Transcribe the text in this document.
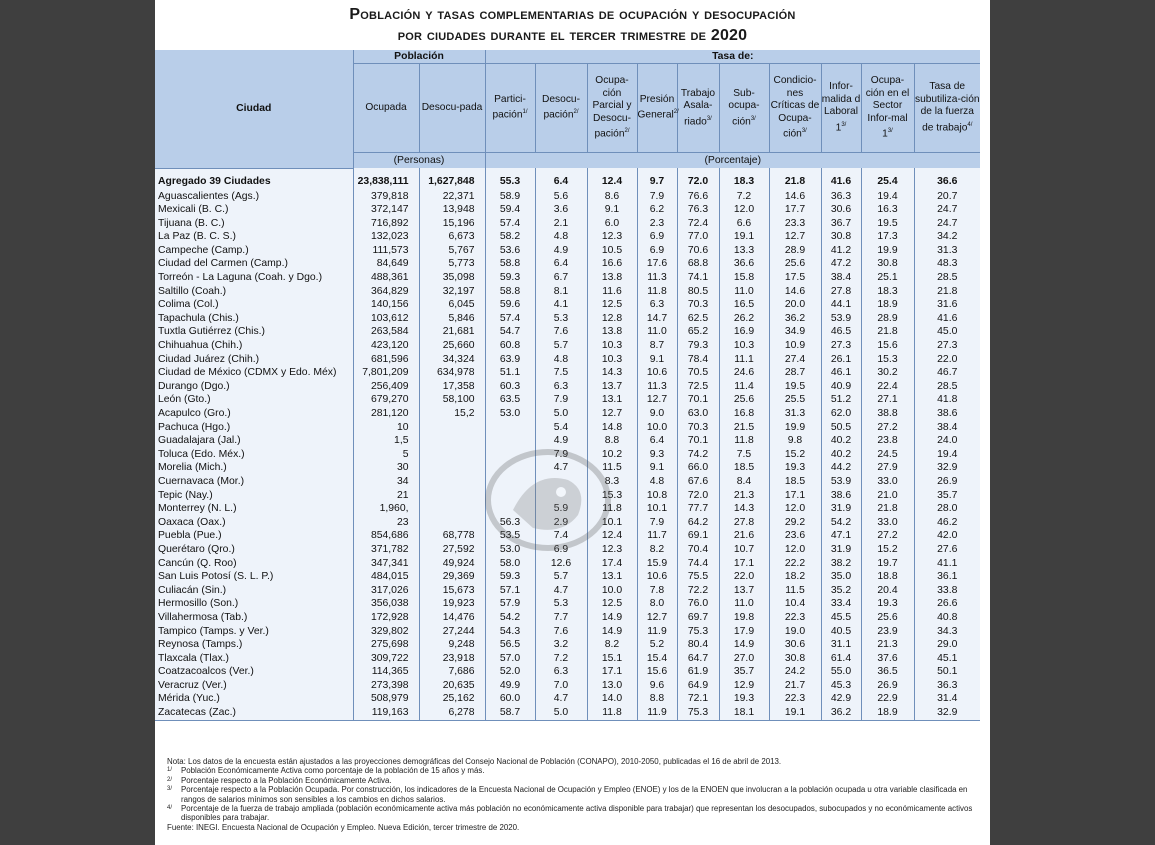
Población y tasas complementarias de ocupación y desocupación
por ciudades durante el tercer trimestre de 2020
Ciudad	Población		Tasa de:									

	Ocupada	Desocu-pada	Partici-pación$^{1/}$	Desocu-pación$^{2/}$	Ocupa-ción Parcial y Desocu-pación$^{2/}$	Presión General$^{2/}$	Trabajo Asala-riado$^{3/}$	Sub-ocupa-ción$^{3/}$	Condicio-nes Críticas de Ocupa-ción$^{3/}$	Infor-malida d Laboral $1^{3/}$	Ocupa-ción en el Sector Infor-mal $1^{3/}$	Tasa de subutiliza-ción de la fuerza de trabajo$^{4/}$

	(Personas)		(Porcentaje)									

Agregado 39 Ciudades	23,838,111	1,627,848	55.3	6.4	12.4	9.7	72.0	18.3	21.8	41.6	25.4	36.6
Aguascalientes (Ags.)	379,818	22,371	58.9	5.6	8.6	7.9	76.6	7.2	14.6	36.3	19.4	20.7
Mexicali (B. C.)	372,147	13,948	59.4	3.6	9.1	6.2	76.3	12.0	17.7	30.6	16.3	24.7
Tijuana (B. C.)	716,892	15,196	57.4	2.1	6.0	2.3	72.4	6.6	23.3	36.7	19.5	24.7
La Paz (B. C. S.)	132,023	6,673	58.2	4.8	12.3	6.9	77.0	19.1	12.7	30.8	17.3	34.2
Campeche (Camp.)	111,573	5,767	53.6	4.9	10.5	6.9	70.6	13.3	28.9	41.2	19.9	31.3
Ciudad del Carmen (Camp.)	84,649	5,773	58.8	6.4	16.6	17.6	68.8	36.6	25.6	47.2	30.8	48.3
Torreón - La Laguna (Coah. y Dgo.)	488,361	35,098	59.3	6.7	13.8	11.3	74.1	15.8	17.5	38.4	25.1	28.5
Saltillo (Coah.)	364,829	32,197	58.8	8.1	11.6	11.8	80.5	11.0	14.6	27.8	18.3	21.8
Colima (Col.)	140,156	6,045	59.6	4.1	12.5	6.3	70.3	16.5	20.0	44.1	18.9	31.6
Tapachula (Chis.)	103,612	5,846	57.4	5.3	12.8	14.7	62.5	26.2	36.2	53.9	28.9	41.6
Tuxtla Gutiérrez (Chis.)	263,584	21,681	54.7	7.6	13.8	11.0	65.2	16.9	34.9	46.5	21.8	45.0
Chihuahua (Chih.)	423,120	25,660	60.8	5.7	10.3	8.7	79.3	10.3	10.9	27.3	15.6	27.3
Ciudad Juárez (Chih.)	681,596	34,324	63.9	4.8	10.3	9.1	78.4	11.1	27.4	26.1	15.3	22.0
Ciudad de México (CDMX y Edo. Méx)	7,801,209	634,978	51.1	7.5	14.3	10.6	70.5	24.6	28.7	46.1	30.2	46.7
Durango (Dgo.)	256,409	17,358	60.3	6.3	13.7	11.3	72.5	11.4	19.5	40.9	22.4	28.5
León (Gto.)	679,270	58,100	63.5	7.9	13.1	12.7	70.1	25.6	25.5	51.2	27.1	41.8
Acapulco (Gro.)	281,120	15,2	53.0	5.0	12.7	9.0	63.0	16.8	31.3	62.0	38.8	38.6
Pachuca (Hgo.)	10			5.4	14.8	10.0	70.3	21.5	19.9	50.5	27.2	38.4
Guadalajara (Jal.)	1,5			4.9	8.8	6.4	70.1	11.8	9.8	40.2	23.8	24.0
Toluca (Edo. Méx.)	5			7.9	10.2	9.3	74.2	7.5	15.2	40.2	24.5	19.4
Morelia (Mich.)	30			4.7	11.5	9.1	66.0	18.5	19.3	44.2	27.9	32.9
Cuernavaca (Mor.)	34				8.3	4.8	67.6	8.4	18.5	53.9	33.0	26.9
Tepic (Nay.)	21				15.3	10.8	72.0	21.3	17.1	38.6	21.0	35.7
Monterrey (N. L.)	1,960,			5.9	11.8	10.1	77.7	14.3	12.0	31.9	21.8	28.0
Oaxaca (Oax.)	23		56.3	2.9	10.1	7.9	64.2	27.8	29.2	54.2	33.0	46.2
Puebla (Pue.)	854,686	68,778	53.5	7.4	12.4	11.7	69.1	21.6	23.6	47.1	27.2	42.0
Querétaro (Qro.)	371,782	27,592	53.0	6.9	12.3	8.2	70.4	10.7	12.0	31.9	15.2	27.6
Cancún (Q. Roo)	347,341	49,924	58.0	12.6	17.4	15.9	74.4	17.1	22.2	38.2	19.7	41.1
San Luis Potosí (S. L. P.)	484,015	29,369	59.3	5.7	13.1	10.6	75.5	22.0	18.2	35.0	18.8	36.1
Culiacán (Sin.)	317,026	15,673	57.1	4.7	10.0	7.8	72.2	13.7	11.5	35.2	20.4	33.8
Hermosillo (Son.)	356,038	19,923	57.9	5.3	12.5	8.0	76.0	11.0	10.4	33.4	19.3	26.6
Villahermosa (Tab.)	172,928	14,476	54.2	7.7	14.9	12.7	69.7	19.8	22.3	45.5	25.6	40.8
Tampico (Tamps. y Ver.)	329,802	27,244	54.3	7.6	14.9	11.9	75.3	17.9	19.0	40.5	23.9	34.3
Reynosa (Tamps.)	275,698	9,248	56.5	3.2	8.2	5.2	80.4	14.9	30.6	31.1	21.3	29.0
Tlaxcala (Tlax.)	309,722	23,918	57.0	7.2	15.1	15.4	64.7	27.0	30.8	61.4	37.6	45.1
Coatzacoalcos (Ver.)	114,365	7,686	52.0	6.3	17.1	15.6	61.9	35.7	24.2	55.0	36.5	50.1
Veracruz (Ver.)	273,398	20,635	49.9	7.0	13.0	9.6	64.9	12.9	21.7	45.3	26.9	36.3
Mérida (Yuc.)	508,979	25,162	60.0	4.7	14.0	8.8	72.1	19.3	22.3	42.9	22.9	31.4
Zacatecas (Zac.)	119,163	6,278	58.7	5.0	11.8	11.9	75.3	18.1	19.1	36.2	18.9	32.9
Nota: Los datos de la encuesta están ajustados a las proyecciones demográficas del Consejo Nacional de Población (CONAPO), 2010-2050, publicadas el 16 de abril de 2013.
1/	Población Económicamente Activa como porcentaje de la población de 15 años y más.
2/	Porcentaje respecto a la Población Económicamente Activa.
3/	Porcentaje respecto a la Población Ocupada. Por construcción, los indicadores de la Encuesta Nacional de Ocupación y Empleo (ENOE) y los de la ENOEN que involucran a la población ocupada u otra variable clasificada en rangos de salarios mínimos son sensibles a los cambios en dichos salarios.
4/	Porcentaje de la fuerza de trabajo ampliada (población económicamente activa más población no económicamente activa disponible para trabajar) que representan los desocupados, subocupados y no económicamente activos disponibles para trabajar.
Fuente: INEGI. Encuesta Nacional de Ocupación y Empleo. Nueva Edición, tercer trimestre de 2020.
